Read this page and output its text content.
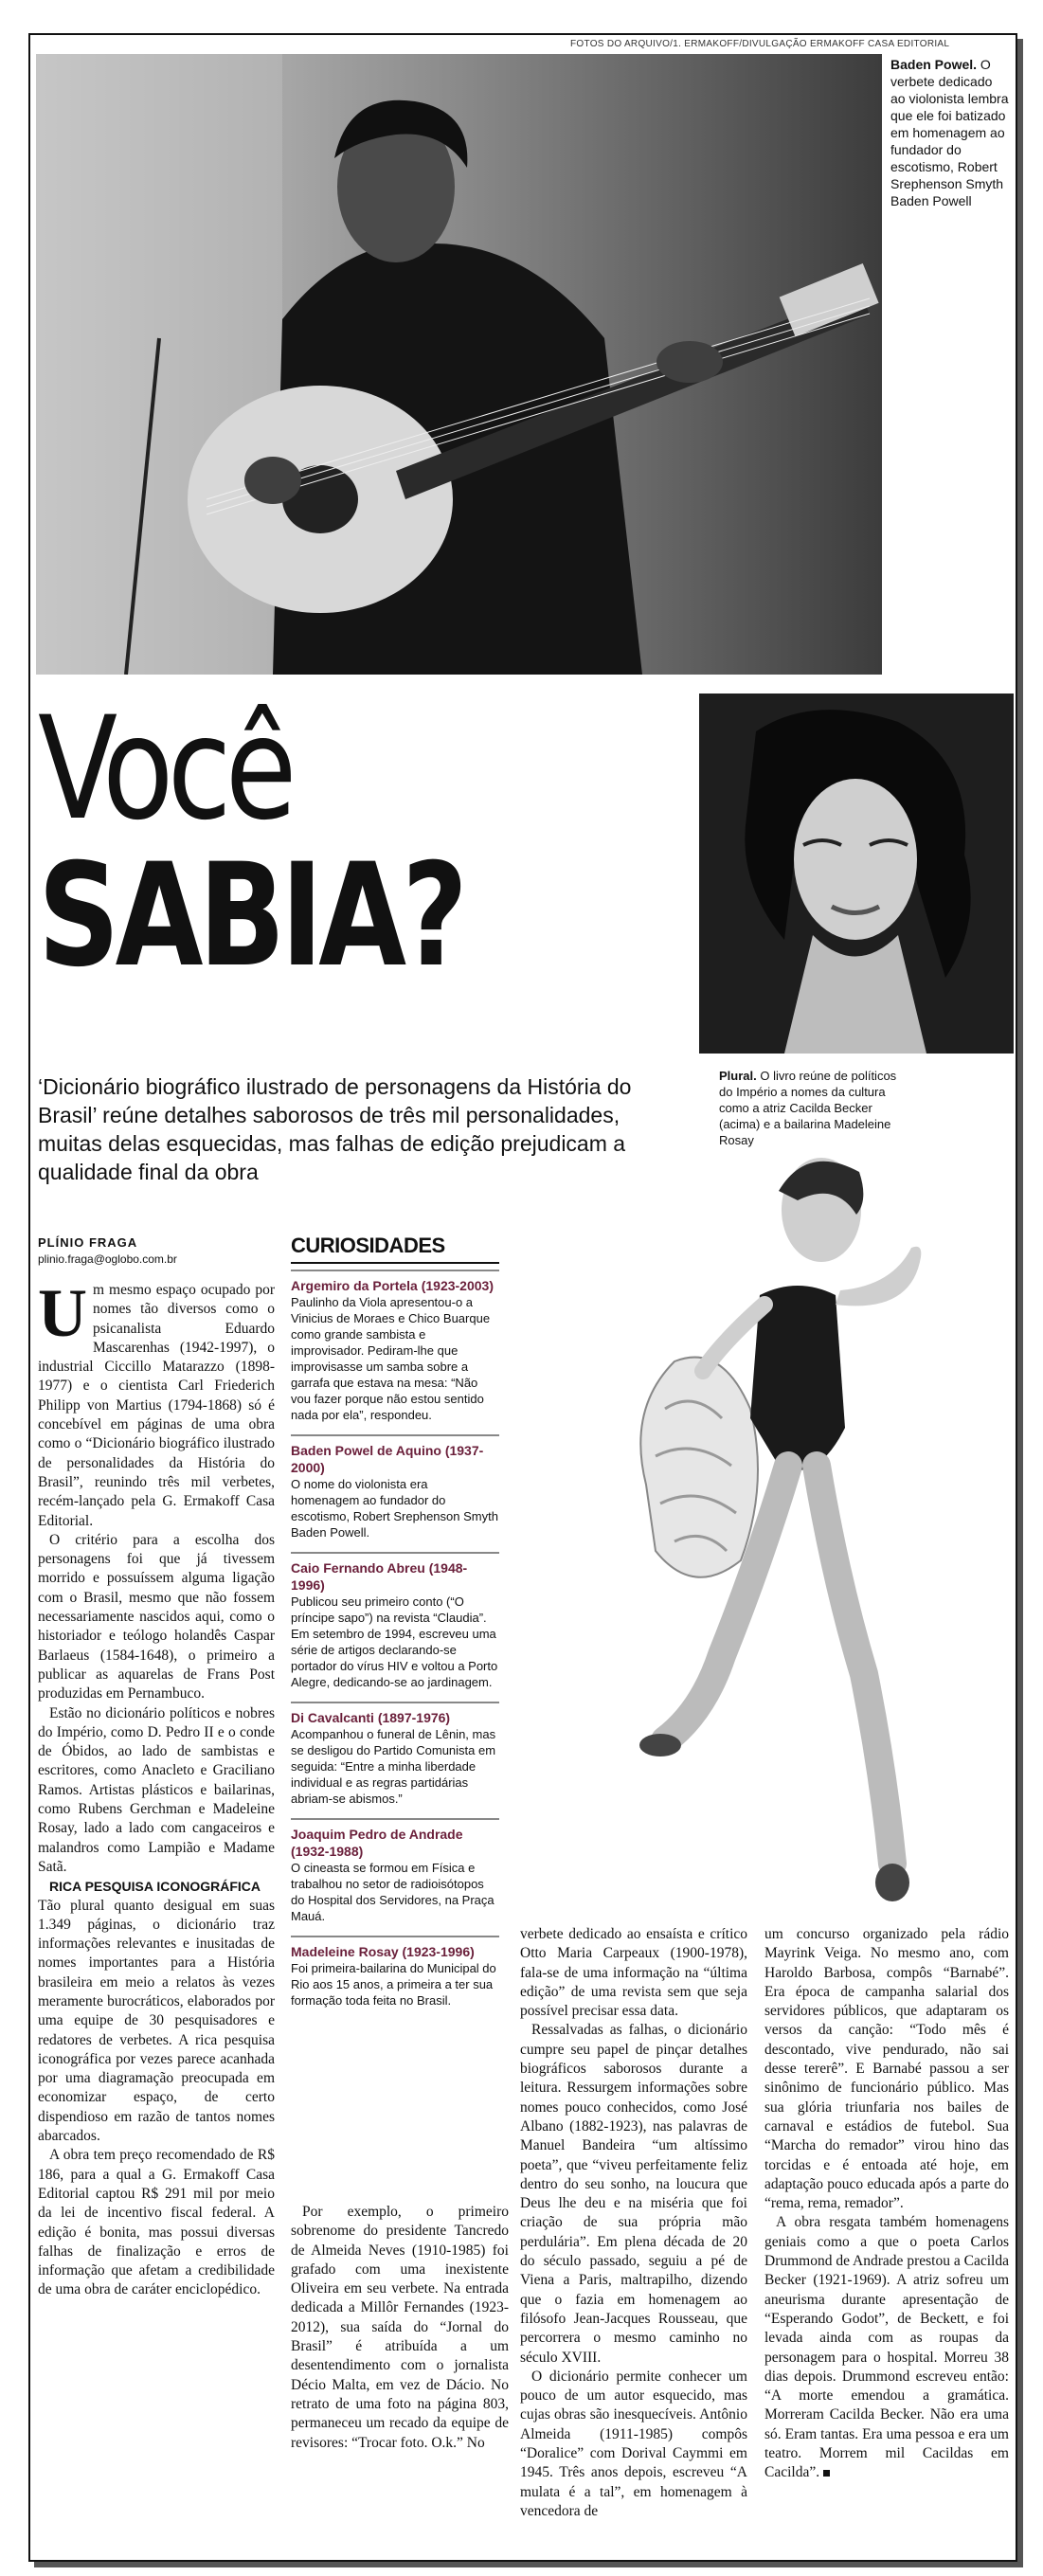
FOTOS DO ARQUIVO/1. ERMAKOFF/DIVULGAÇÃO ERMAKOFF CASA EDITORIAL
Baden Powel. O verbete dedicado ao violonista lembra que ele foi batizado em homenagem ao fundador do escotismo, Robert Srephenson Smyth Baden Powell
Você
SABIA?
‘Dicionário biográfico ilustrado de personagens da História do Brasil’ reúne detalhes saborosos de três mil personalidades, muitas delas esquecidas, mas falhas de edição prejudicam a qualidade final da obra
Plural. O livro reúne de políticos do Império a nomes da cultura como a atriz Cacilda Becker (acima) e a bailarina Madeleine Rosay
PLÍNIO FRAGA
plinio.fraga@oglobo.com.br

Um mesmo espaço ocupado por nomes tão diversos como o psicanalista Eduardo Mascarenhas (1942-1997), o industrial Ciccillo Matarazzo (1898-1977) e o cientista Carl Friederich Philipp von Martius (1794-1868) só é concebível em páginas de uma obra como o “Dicionário biográfico ilustrado de personalidades da História do Brasil”, reunindo três mil verbetes, recém-lançado pela G. Ermakoff Casa Editorial.

O critério para a escolha dos personagens foi que já tivessem morrido e possuíssem alguma ligação com o Brasil, mesmo que não fossem necessariamente nascidos aqui, como o historiador e teólogo holandês Caspar Barlaeus (1584-1648), o primeiro a publicar as aquarelas de Frans Post produzidas em Pernambuco.

Estão no dicionário políticos e nobres do Império, como D. Pedro II e o conde de Óbidos, ao lado de sambistas e escritores, como Anacleto e Graciliano Ramos. Artistas plásticos e bailarinas, como Rubens Gerchman e Madeleine Rosay, lado a lado com cangaceiros e malandros como Lampião e Madame Satã.

RICA PESQUISA ICONOGRÁFICA

Tão plural quanto desigual em suas 1.349 páginas, o dicionário traz informações relevantes e inusitadas de nomes importantes para a História brasileira em meio a relatos às vezes meramente burocráticos, elaborados por uma equipe de 30 pesquisadores e redatores de verbetes. A rica pesquisa iconográfica por vezes parece acanhada por uma diagramação preocupada em economizar espaço, de certo dispendioso em razão de tantos nomes abarcados.

A obra tem preço recomendado de R$ 186, para a qual a G. Ermakoff Casa Editorial captou R$ 291 mil por meio da lei de incentivo fiscal federal. A edição é bonita, mas possui diversas falhas de finalização e erros de informação que afetam a credibilidade de uma obra de caráter enciclopédico.

CURIOSIDADES
Argemiro da Portela (1923-2003)
Paulinho da Viola apresentou-o a Vinicius de Moraes e Chico Buarque como grande sambista e improvisador. Pediram-lhe que improvisasse um samba sobre a garrafa que estava na mesa: “Não vou fazer porque não estou sentido nada por ela”, respondeu.
Baden Powel de Aquino (1937-2000)
O nome do violonista era homenagem ao fundador do escotismo, Robert Srephenson Smyth Baden Powell.
Caio Fernando Abreu (1948-1996)
Publicou seu primeiro conto (“O príncipe sapo”) na revista “Claudia”. Em setembro de 1994, escreveu uma série de artigos declarando-se portador do vírus HIV e voltou a Porto Alegre, dedicando-se ao jardinagem.
Di Cavalcanti (1897-1976)
Acompanhou o funeral de Lênin, mas se desligou do Partido Comunista em seguida: “Entre a minha liberdade individual e as regras partidárias abriam-se abismos.”
Joaquim Pedro de Andrade (1932-1988)
O cineasta se formou em Física e trabalhou no setor de radioisótopos do Hospital dos Servidores, na Praça Mauá.
Madeleine Rosay (1923-1996)
Foi primeira-bailarina do Municipal do Rio aos 15 anos, a primeira a ter sua formação toda feita no Brasil.

Por exemplo, o primeiro sobrenome do presidente Tancredo de Almeida Neves (1910-1985) foi grafado com uma inexistente Oliveira em seu verbete. Na entrada dedicada a Millôr Fernandes (1923-2012), sua saída do “Jornal do Brasil” é atribuída a um desentendimento com o jornalista Décio Malta, em vez de Dácio. No retrato de uma foto na página 803, permaneceu um recado da equipe de revisores: “Trocar foto. O.k.” No

verbete dedicado ao ensaísta e crítico Otto Maria Carpeaux (1900-1978), fala-se de uma informação na “última edição” de uma revista sem que seja possível precisar essa data.

Ressalvadas as falhas, o dicionário cumpre seu papel de pinçar detalhes biográficos saborosos durante a leitura. Ressurgem informações sobre nomes pouco conhecidos, como José Albano (1882-1923), nas palavras de Manuel Bandeira “um altíssimo poeta”, que “viveu perfeitamente feliz dentro do seu sonho, na loucura que Deus lhe deu e na miséria que foi criação de sua própria mão perdulária”. Em plena década de 20 do século passado, seguiu a pé de Viena a Paris, maltrapilho, dizendo que o fazia em homenagem ao filósofo Jean-Jacques Rousseau, que percorrera o mesmo caminho no século XVIII.

O dicionário permite conhecer um pouco de um autor esquecido, mas cujas obras são inesquecíveis. Antônio Almeida (1911-1985) compôs “Doralice” com Dorival Caymmi em 1945. Três anos depois, escreveu “A mulata é a tal”, em homenagem à vencedora de

um concurso organizado pela rádio Mayrink Veiga. No mesmo ano, com Haroldo Barbosa, compôs “Barnabé”. Era época de campanha salarial dos servidores públicos, que adaptaram os versos da canção: “Todo mês é descontado, vive pendurado, não sai desse tererê”. E Barnabé passou a ser sinônimo de funcionário público. Mas sua glória triunfaria nos bailes de carnaval e estádios de futebol. Sua “Marcha do remador” virou hino das torcidas e é entoada até hoje, em adaptação pouco educada após a parte do “rema, rema, remador”.

A obra resgata também homenagens geniais como a que o poeta Carlos Drummond de Andrade prestou a Cacilda Becker (1921-1969). A atriz sofreu um aneurisma durante apresentação de “Esperando Godot”, de Beckett, e foi levada ainda com as roupas da personagem para o hospital. Morreu 38 dias depois. Drummond escreveu então: “A morte emendou a gramática. Morreram Cacilda Becker. Não era uma só. Eram tantas. Era uma pessoa e era um teatro. Morrem mil Cacildas em Cacilda”.
